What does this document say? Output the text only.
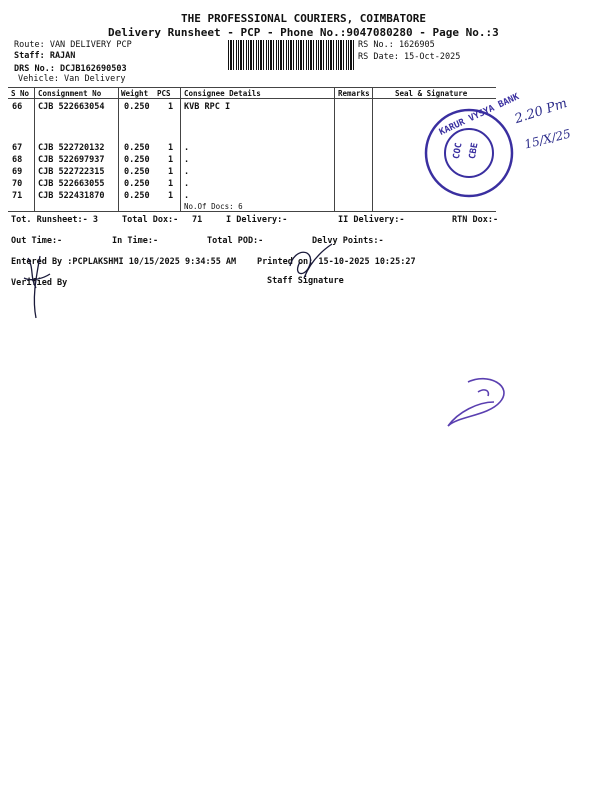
THE PROFESSIONAL COURIERS, COIMBATORE
Delivery Runsheet - PCP - Phone No.:9047080280 - Page No.:3
Route: VAN DELIVERY PCP
Staff: RAJAN
DRS No.: DCJB162690503
Vehicle: Van Delivery
RS No.: 1626905
RS Date: 15-Oct-2025
S No Consignment No	Weight PCS Consignee Details	Remarks	Seal & Signature
66 CJB 522663054 0.250 1 KVB RPC I
67 CJB 522720132 0.250 1 .
68 CJB 522697937 0.250 1 .
69 CJB 522722315 0.250 1 .
70 CJB 522663055 0.250 1 .
71 CJB 522431870 0.250 1 .
No.Of Docs: 6
Tot. Runsheet:- 3	Total Dox:- 71	I Delivery:-	II Delivery:-	RTN Dox:-
Out Time:-	In Time:-	Total POD:-	Delvy Points:-
Entered By :PCPLAKSHMI 10/15/2025 9:34:55 AM Printed on: 15-10-2025 10:25:27
Verified By	Staff Signature
KARUR VYSYA BANK
COC CBE
2.20 Pm
15/X/25
